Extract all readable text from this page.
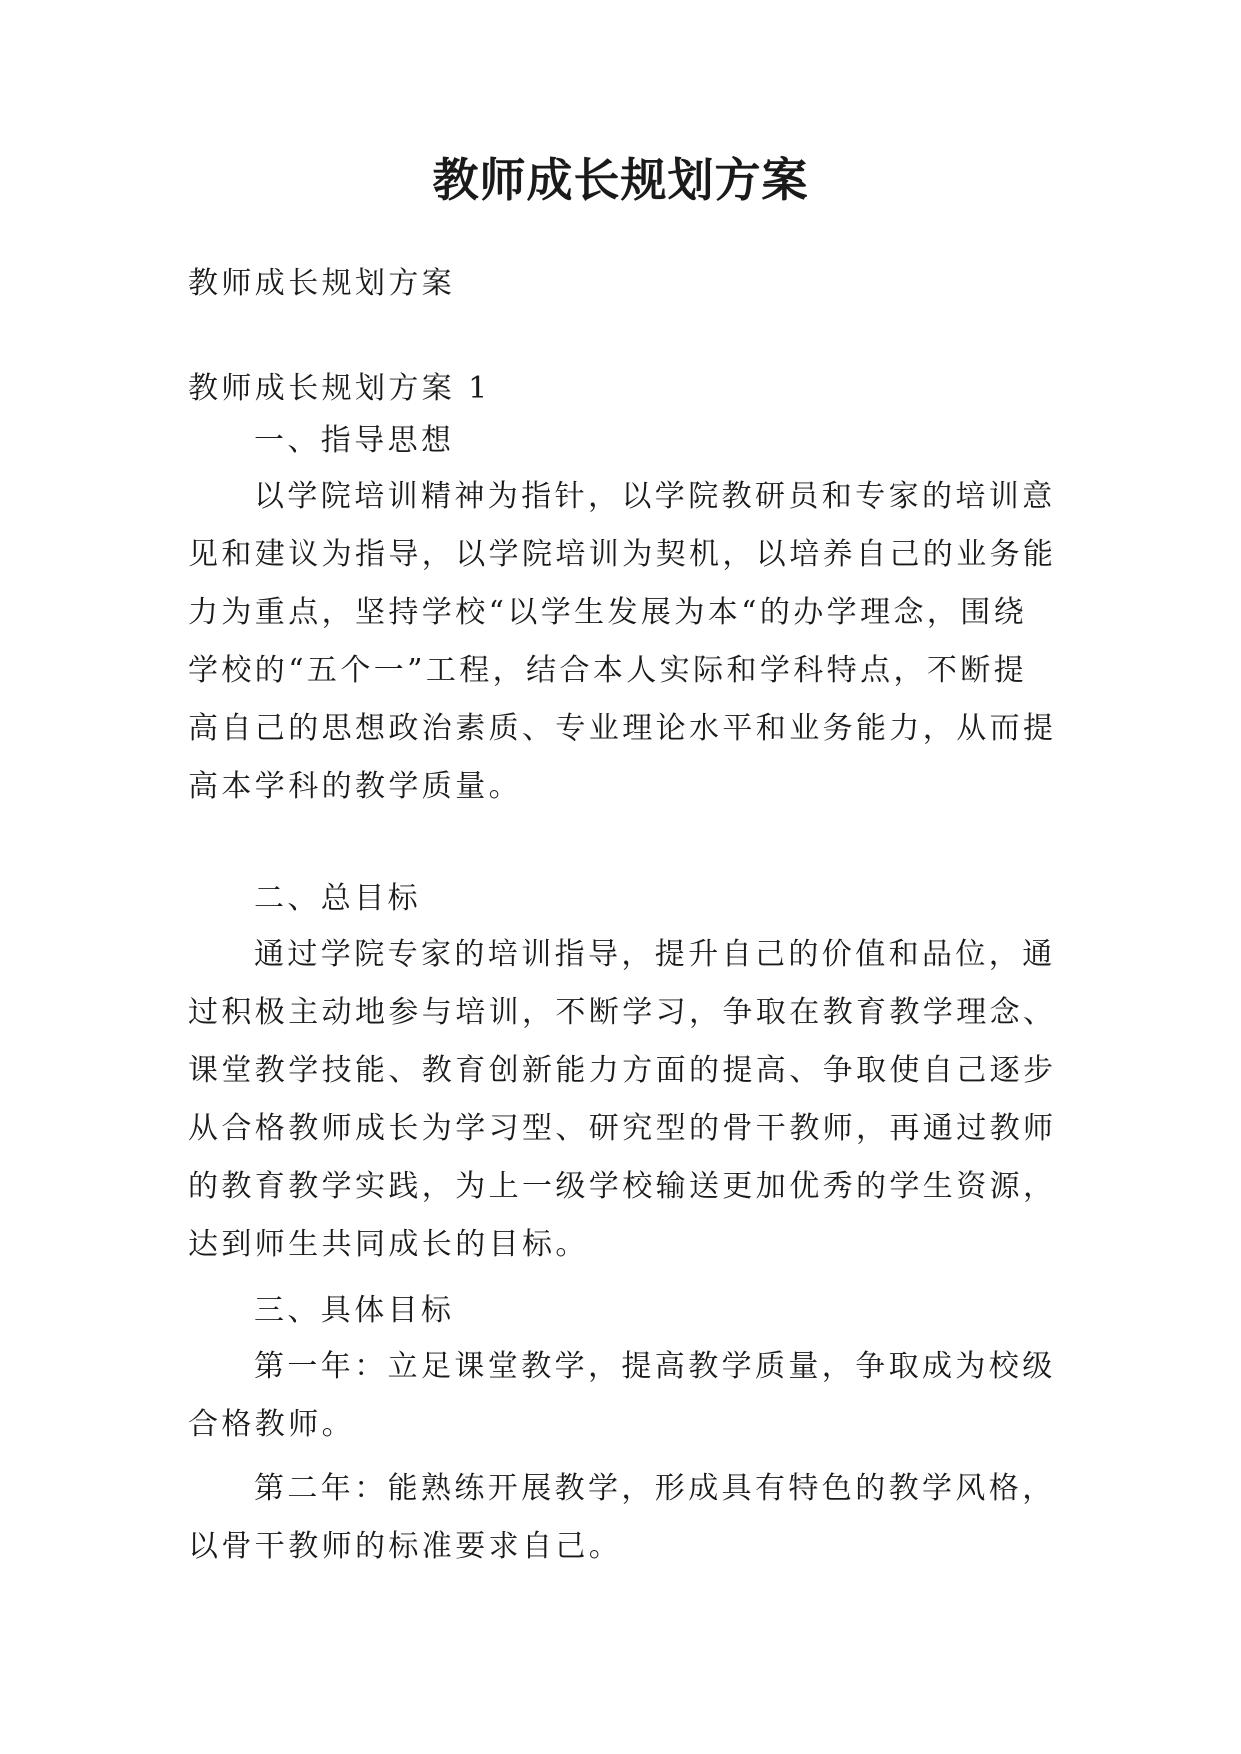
教师成长规划方案

教师成长规划方案

教师成长规划方案 1

一、指导思想

以学院培训精神为指针，以学院教研员和专家的培训意
见和建议为指导，以学院培训为契机，以培养自己的业务能
力为重点，坚持学校“以学生发展为本“的办学理念，围绕
学校的“五个一”工程，结合本人实际和学科特点，不断提
高自己的思想政治素质、专业理论水平和业务能力，从而提
高本学科的教学质量。

二、总目标

通过学院专家的培训指导，提升自己的价值和品位，通
过积极主动地参与培训，不断学习，争取在教育教学理念、
课堂教学技能、教育创新能力方面的提高、争取使自己逐步
从合格教师成长为学习型、研究型的骨干教师，再通过教师
的教育教学实践，为上一级学校输送更加优秀的学生资源，
达到师生共同成长的目标。

三、具体目标

第一年：立足课堂教学，提高教学质量，争取成为校级
合格教师。
第二年：能熟练开展教学，形成具有特色的教学风格，
以骨干教师的标准要求自己。
